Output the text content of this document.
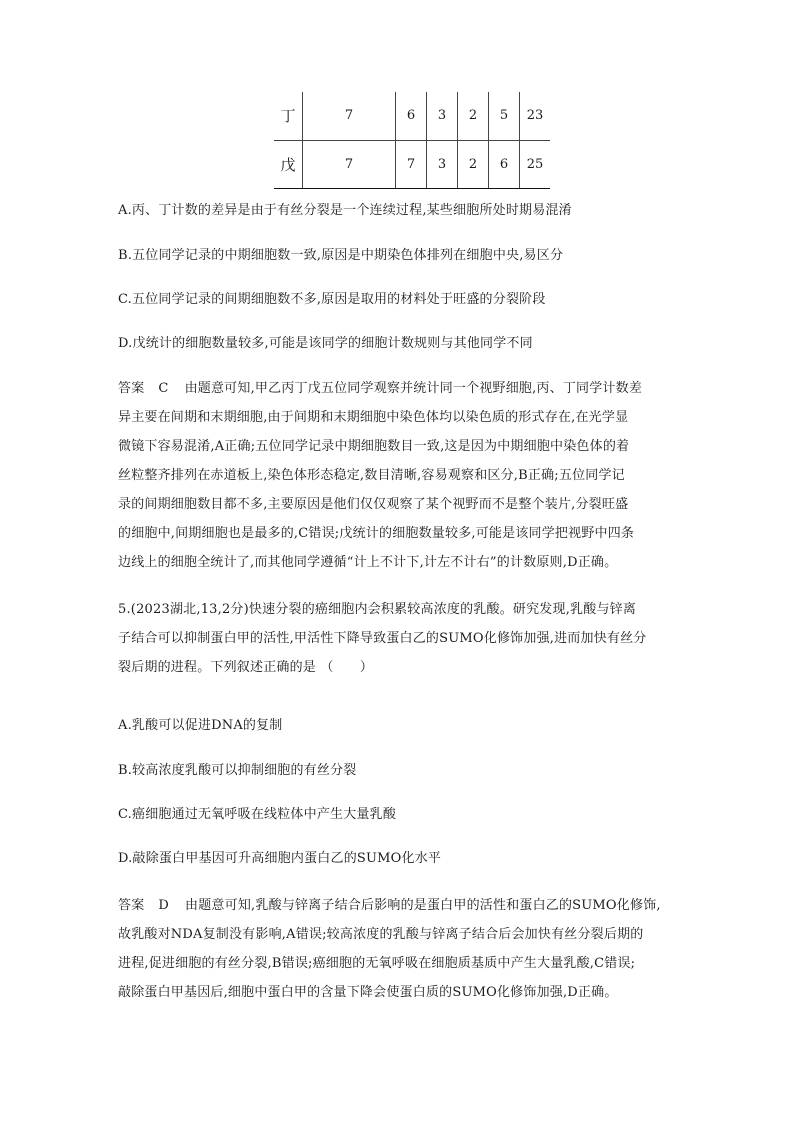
丁	7	6	3	2	5	23
戊	7	7	3	2	6	25
A.丙、丁计数的差异是由于有丝分裂是一个连续过程,某些细胞所处时期易混淆
B.五位同学记录的中期细胞数一致,原因是中期染色体排列在细胞中央,易区分
C.五位同学记录的间期细胞数不多,原因是取用的材料处于旺盛的分裂阶段
D.戊统计的细胞数量较多,可能是该同学的细胞计数规则与其他同学不同
答案 C 由题意可知,甲乙丙丁戊五位同学观察并统计同一个视野细胞,丙、丁同学计数差
异主要在间期和末期细胞,由于间期和末期细胞中染色体均以染色质的形式存在,在光学显
微镜下容易混淆,A正确;五位同学记录中期细胞数目一致,这是因为中期细胞中染色体的着
丝粒整齐排列在赤道板上,染色体形态稳定,数目清晰,容易观察和区分,B正确;五位同学记
录的间期细胞数目都不多,主要原因是他们仅仅观察了某个视野而不是整个装片,分裂旺盛
的细胞中,间期细胞也是最多的,C错误;戊统计的细胞数量较多,可能是该同学把视野中四条
边线上的细胞全统计了,而其他同学遵循“计上不计下,计左不计右”的计数原则,D正确。
5.(2023湖北,13,2分)快速分裂的癌细胞内会积累较高浓度的乳酸。研究发现,乳酸与锌离
子结合可以抑制蛋白甲的活性,甲活性下降导致蛋白乙的SUMO化修饰加强,进而加快有丝分
裂后期的进程。下列叙述正确的是 （　　）
A.乳酸可以促进DNA的复制
B.较高浓度乳酸可以抑制细胞的有丝分裂
C.癌细胞通过无氧呼吸在线粒体中产生大量乳酸
D.敲除蛋白甲基因可升高细胞内蛋白乙的SUMO化水平
答案 D 由题意可知,乳酸与锌离子结合后影响的是蛋白甲的活性和蛋白乙的SUMO化修饰,
故乳酸对NDA复制没有影响,A错误;较高浓度的乳酸与锌离子结合后会加快有丝分裂后期的
进程,促进细胞的有丝分裂,B错误;癌细胞的无氧呼吸在细胞质基质中产生大量乳酸,C错误;
敲除蛋白甲基因后,细胞中蛋白甲的含量下降会使蛋白质的SUMO化修饰加强,D正确。
